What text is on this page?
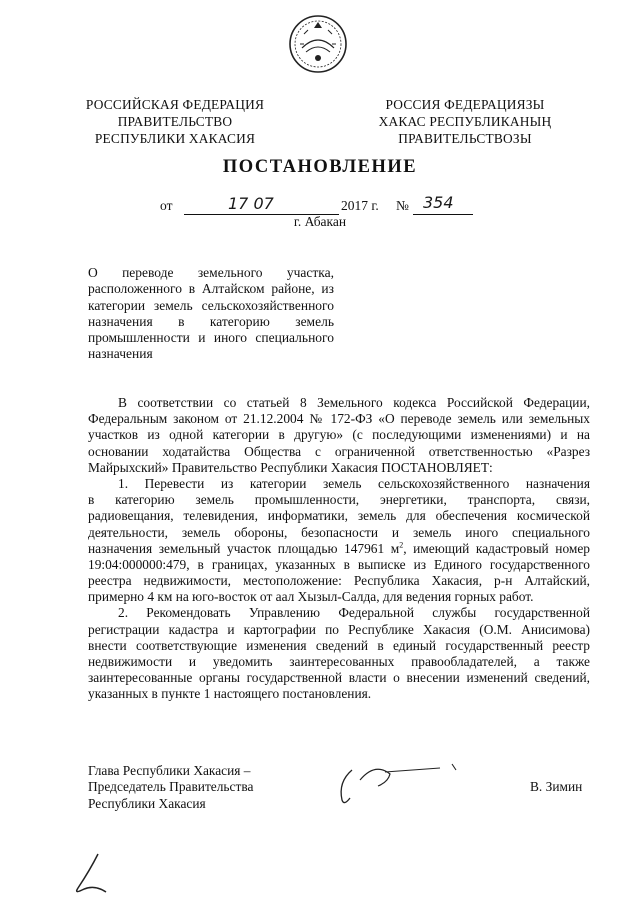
РОССИЙСКАЯ ФЕДЕРАЦИЯ
ПРАВИТЕЛЬСТВО
РЕСПУБЛИКИ ХАКАСИЯ
РОССИЯ ФЕДЕРАЦИЯЗЫ
ХАКАС РЕСПУБЛИКАНЫҢ
ПРАВИТЕЛЬСТВОЗЫ
ПОСТАНОВЛЕНИЕ
от	17 07	2017 г. № 354
г. Абакан
О переводе земельного участка,
расположенного в Алтайском районе, из
категории земель сельскохозяйственного
назначения в категорию земель
промышленности и иного специального
назначения
В соответствии со статьей 8 Земельного кодекса Российской Федерации,
Федеральным законом от 21.12.2004 № 172-ФЗ «О переводе земель или земельных
участков из одной категории в другую» (с последующими изменениями) и на
основании ходатайства Общества с ограниченной ответственностью «Разрез
Майрыхский» Правительство Республики Хакасия ПОСТАНОВЛЯЕТ:
1. Перевести из категории земель сельскохозяйственного назначения
в категорию земель промышленности, энергетики, транспорта, связи,
радиовещания, телевидения, информатики, земель для обеспечения космической
деятельности, земель обороны, безопасности и земель иного специального
назначения земельный участок площадью 147961 $м^2$, имеющий кадастровый номер
19:04:000000:479, в границах, указанных в выписке из Единого государственного
реестра недвижимости, местоположение: Республика Хакасия, р-н Алтайский,
примерно 4 км на юго-восток от аал Хызыл-Салда, для ведения горных работ.
2. Рекомендовать Управлению Федеральной службы государственной
регистрации кадастра и картографии по Республике Хакасия (О.М. Анисимова)
внести соответствующие изменения сведений в единый государственный реестр
недвижимости и уведомить заинтересованных правообладателей, а также
заинтересованные органы государственной власти о внесении изменений сведений,
указанных в пункте 1 настоящего постановления.
Глава Республики Хакасия –
Председатель Правительства
Республики Хакасия
В. Зимин
